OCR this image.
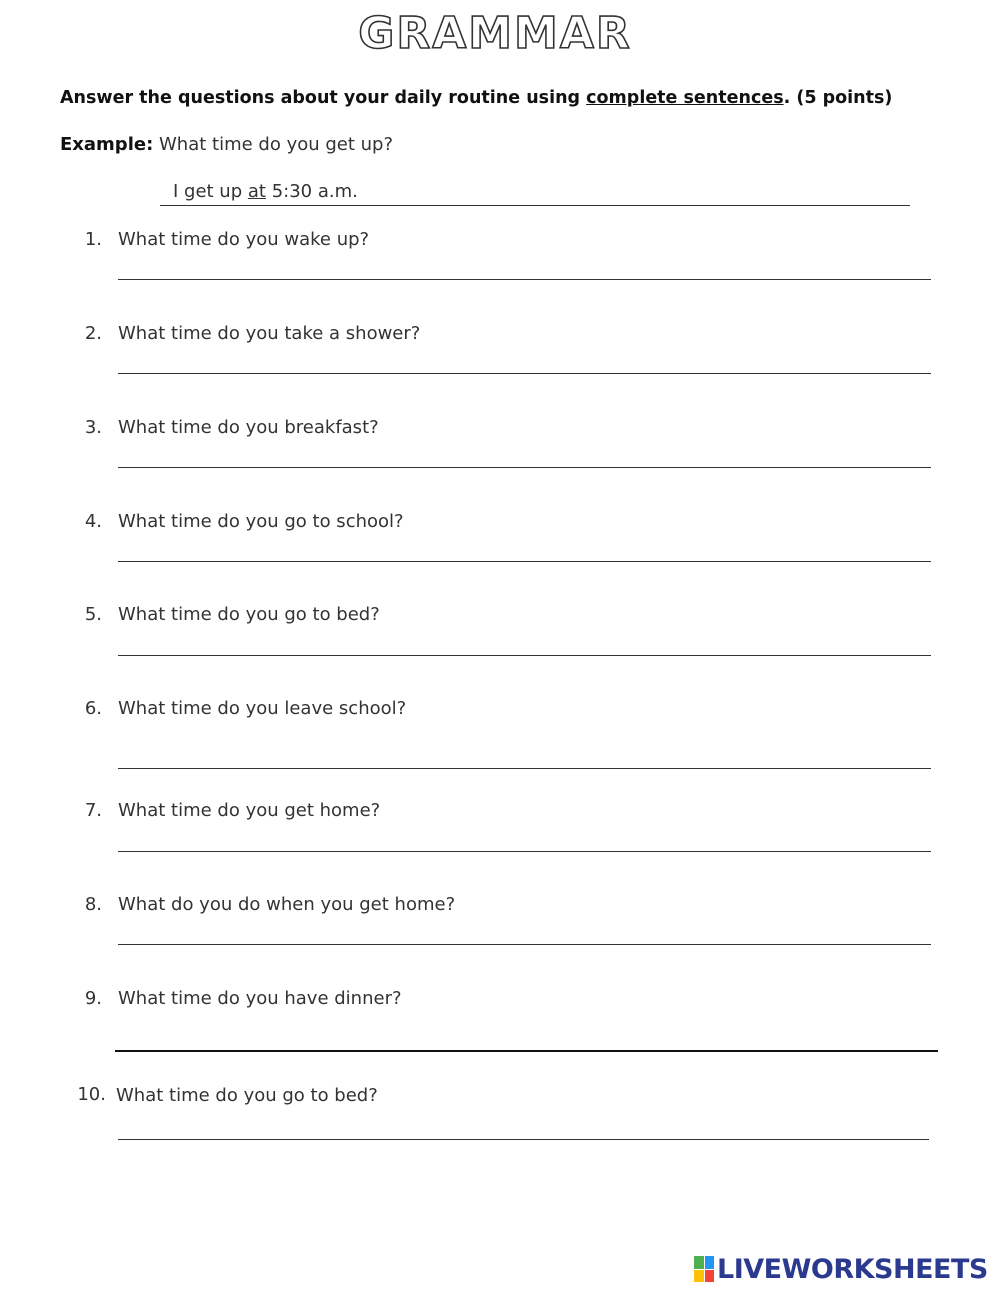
GRAMMAR
Answer the questions about your daily routine using complete sentences. (5 points)
Example: What time do you get up?
I get up at 5:30 a.m.
1. What time do you wake up?
2. What time do you take a shower?
3. What time do you breakfast?
4. What time do you go to school?
5. What time do you go to bed?
6. What time do you leave school?
7. What time do you get home?
8. What do you do when you get home?
9. What time do you have dinner?
10. What time do you go to bed?
LIVEWORKSHEETS
